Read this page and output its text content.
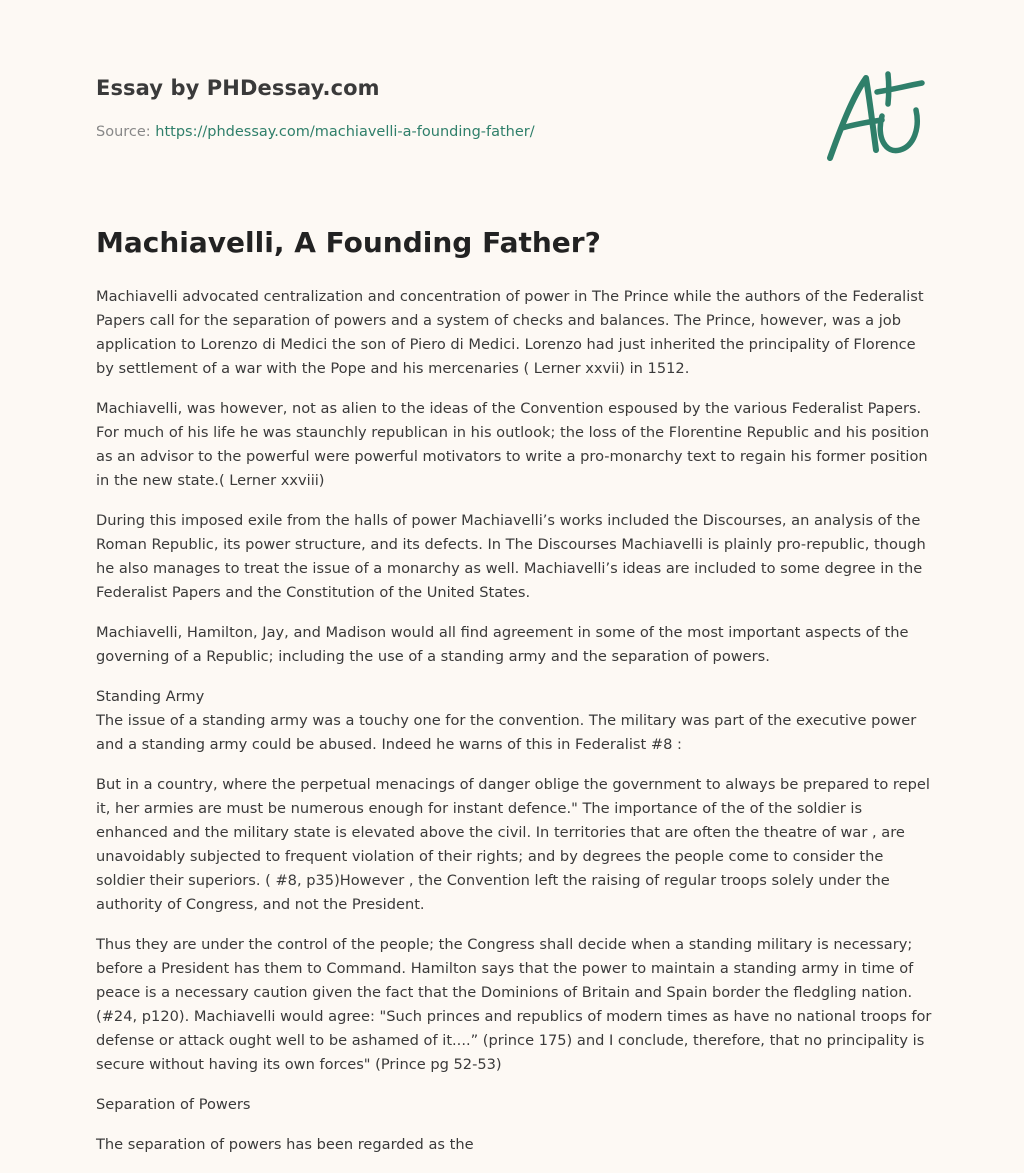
Essay by PHDessay.com
Source: https://phdessay.com/machiavelli-a-founding-father/
Machiavelli, A Founding Father?

Machiavelli advocated centralization and concentration of power in The Prince while the authors of the Federalist Papers call for the separation of powers and a system of checks and balances. The Prince, however, was a job application to Lorenzo di Medici the son of Piero di Medici. Lorenzo had just inherited the principality of Florence by settlement of a war with the Pope and his mercenaries ( Lerner xxvii) in 1512.

Machiavelli, was however, not as alien to the ideas of the Convention espoused by the various Federalist Papers. For much of his life he was staunchly republican in his outlook; the loss of the Florentine Republic and his position as an advisor to the powerful were powerful motivators to write a pro-monarchy text to regain his former position in the new state.( Lerner xxviii)

During this imposed exile from the halls of power Machiavelli’s works included the Discourses, an analysis of the Roman Republic, its power structure, and its defects. In The Discourses Machiavelli is plainly pro-republic, though he also manages to treat the issue of a monarchy as well. Machiavelli’s ideas are included to some degree in the Federalist Papers and the Constitution of the United States.

Machiavelli, Hamilton, Jay, and Madison would all find agreement in some of the most important aspects of the governing of a Republic; including the use of a standing army and the separation of powers.

Standing Army

The issue of a standing army was a touchy one for the convention. The military was part of the executive power and a standing army could be abused. Indeed he warns of this in Federalist #8 :

But in a country, where the perpetual menacings of danger oblige the government to always be prepared to repel it, her armies are must be numerous enough for instant defence." The importance of the of the soldier is enhanced and the military state is elevated above the civil. In territories that are often the theatre of war , are unavoidably subjected to frequent violation of their rights; and by degrees the people come to consider the soldier their superiors. ( #8, p35)However , the Convention left the raising of regular troops solely under the authority of Congress, and not the President.

Thus they are under the control of the people; the Congress shall decide when a standing military is necessary; before a President has them to Command. Hamilton says that the power to maintain a standing army in time of peace is a necessary caution given the fact that the Dominions of Britain and Spain border the fledgling nation. (#24, p120). Machiavelli would agree: "Such princes and republics of modern times as have no national troops for defense or attack ought well to be ashamed of it....” (prince 175) and I conclude, therefore, that no principality is secure without having its own forces" (Prince pg 52-53)

Separation of Powers

The separation of powers has been regarded as the
